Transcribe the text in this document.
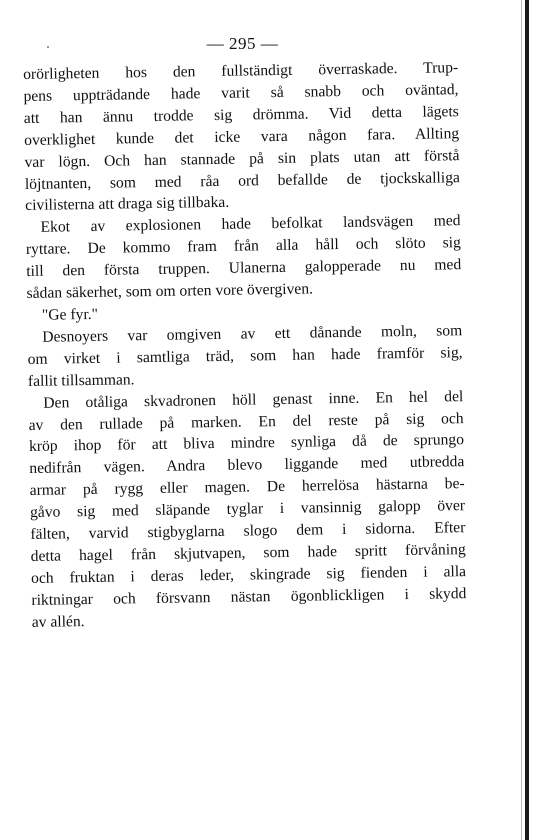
— 295 —
orörligheten hos den fullständigt överraskade. Trup-
pens uppträdande hade varit så snabb och oväntad,
att han ännu trodde sig drömma. Vid detta lägets
overklighet kunde det icke vara någon fara. Allting
var lögn. Och han stannade på sin plats utan att förstå
löjtnanten, som med råa ord befallde de tjockskalliga
civilisterna att draga sig tillbaka.
Ekot av explosionen hade befolkat landsvägen med
ryttare. De kommo fram från alla håll och slöto sig
till den första truppen. Ulanerna galopperade nu med
sådan säkerhet, som om orten vore övergiven.
"Ge fyr."
Desnoyers var omgiven av ett dånande moln, som
om virket i samtliga träd, som han hade framför sig,
fallit tillsamman.
Den otåliga skvadronen höll genast inne. En hel del
av den rullade på marken. En del reste på sig och
kröp ihop för att bliva mindre synliga då de sprungo
nedifrån vägen. Andra blevo liggande med utbredda
armar på rygg eller magen. De herrelösa hästarna be-
gåvo sig med släpande tyglar i vansinnig galopp över
fälten, varvid stigbyglarna slogo dem i sidorna. Efter
detta hagel från skjutvapen, som hade spritt förvåning
och fruktan i deras leder, skingrade sig fienden i alla
riktningar och försvann nästan ögonblickligen i skydd
av allén.
